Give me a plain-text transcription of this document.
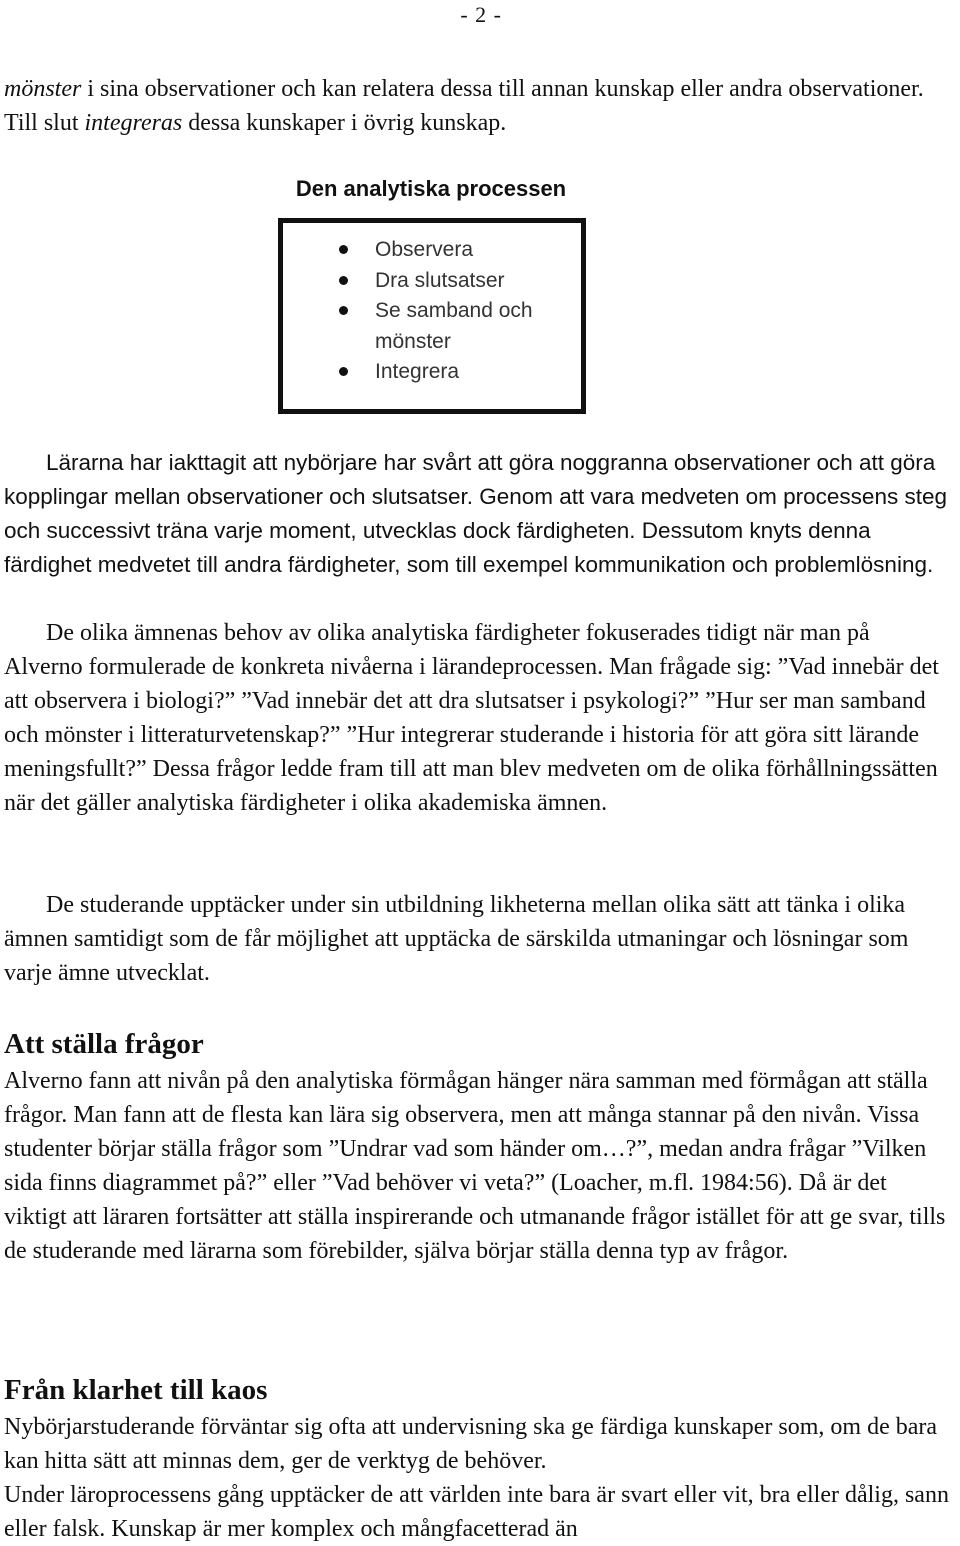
- 2 -

mönster i sina observationer och kan relatera dessa till annan kunskap eller andra observationer. Till slut integreras dessa kunskaper i övrig kunskap.

Den analytiska processen
Observera
Dra slutsatser
Se samband och mönster
Integrera

Lärarna har iakttagit att nybörjare har svårt att göra noggranna observationer och att göra kopplingar mellan observationer och slutsatser. Genom att vara medveten om processens steg och successivt träna varje moment, utvecklas dock färdigheten. Dessutom knyts denna färdighet medvetet till andra färdigheter, som till exempel kommunikation och problemlösning.

De olika ämnenas behov av olika analytiska färdigheter fokuserades tidigt när man på Alverno formulerade de konkreta nivåerna i lärandeprocessen. Man frågade sig: ”Vad innebär det att observera i biologi?” ”Vad innebär det att dra slutsatser i psykologi?” ”Hur ser man samband och mönster i litteraturvetenskap?” ”Hur integrerar studerande i historia för att göra sitt lärande meningsfullt?” Dessa frågor ledde fram till att man blev medveten om de olika förhållningssätten när det gäller analytiska färdigheter i olika akademiska ämnen.

De studerande upptäcker under sin utbildning likheterna mellan olika sätt att tänka i olika ämnen samtidigt som de får möjlighet att upptäcka de särskilda utmaningar och lösningar som varje ämne utvecklat.

Att ställa frågor

Alverno fann att nivån på den analytiska förmågan hänger nära samman med förmågan att ställa frågor. Man fann att de flesta kan lära sig observera, men att många stannar på den nivån. Vissa studenter börjar ställa frågor som ”Undrar vad som händer om…?”, medan andra frågar ”Vilken sida finns diagrammet på?” eller ”Vad behöver vi veta?” (Loacher, m.fl. 1984:56). Då är det viktigt att läraren fortsätter att ställa inspirerande och utmanande frågor istället för att ge svar, tills de studerande med lärarna som förebilder, själva börjar ställa denna typ av frågor.

Från klarhet till kaos

Nybörjarstuderande förväntar sig ofta att undervisning ska ge färdiga kunskaper som, om de bara kan hitta sätt att minnas dem, ger de verktyg de behöver.

Under läroprocessens gång upptäcker de att världen inte bara är svart eller vit, bra eller dålig, sann eller falsk. Kunskap är mer komplex och mångfacetterad än
